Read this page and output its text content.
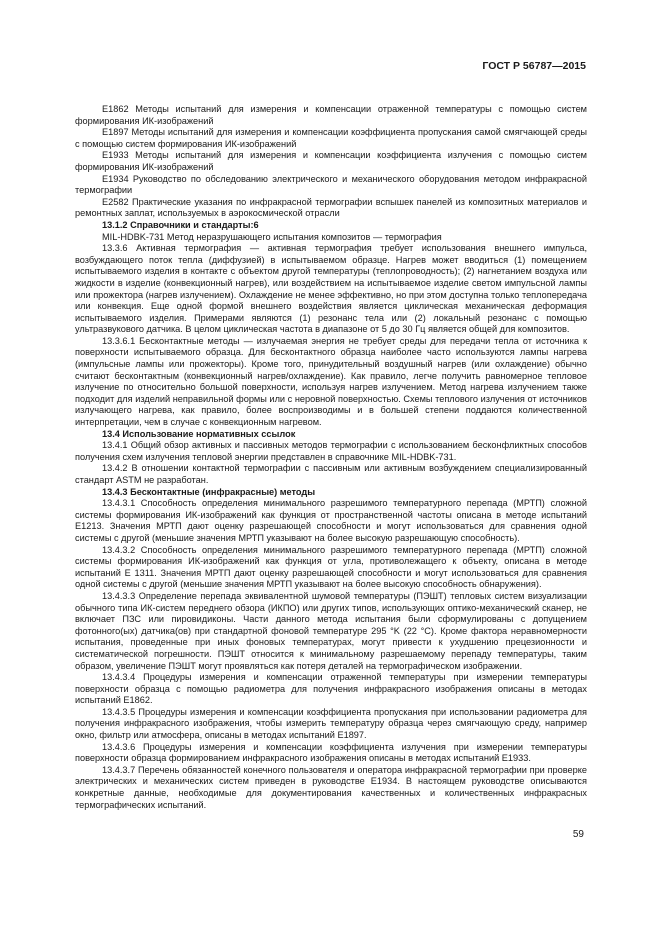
ГОСТ Р 56787—2015

E1862 Методы испытаний для измерения и компенсации отраженной температуры с помощью систем формирования ИК-изображений

E1897 Методы испытаний для измерения и компенсации коэффициента пропускания самой смягчающей среды с помощью систем формирования ИК-изображений

E1933 Методы испытаний для измерения и компенсации коэффициента излучения с помощью систем формирования ИК-изображений

E1934 Руководство по обследованию электрического и механического оборудования методом инфракрасной термографии

E2582 Практические указания по инфракрасной термографии вспышек панелей из композитных материалов и ремонтных заплат, используемых в аэрокосмической отрасли

13.1.2 Справочники и стандарты:6

MIL-HDBK-731 Метод неразрушающего испытания композитов — термография

13.3.6 Активная термография — активная термография требует использования внешнего импульса, возбуждающего поток тепла (диффузией) в испытываемом образце. Нагрев может вводиться (1) помещением испытываемого изделия в контакте с объектом другой температуры (теплопроводность); (2) нагнетанием воздуха или жидкости в изделие (конвекционный нагрев), или воздействием на испытываемое изделие светом импульсной лампы или прожектора (нагрев излучением). Охлаждение не менее эффективно, но при этом доступна только теплопередача или конвекция. Еще одной формой внешнего воздействия является циклическая механическая деформация испытываемого изделия. Примерами являются (1) резонанс тела или (2) локальный резонанс с помощью ультразвукового датчика. В целом циклическая частота в диапазоне от 5 до 30 Гц является общей для композитов.

13.3.6.1 Бесконтактные методы — излучаемая энергия не требует среды для передачи тепла от источника к поверхности испытываемого образца. Для бесконтактного образца наиболее часто используются лампы нагрева (импульсные лампы или прожекторы). Кроме того, принудительный воздушный нагрев (или охлаждение) обычно считают бесконтактным (конвекционный нагрев/охлаждение). Как правило, легче получить равномерное тепловое излучение по относительно большой поверхности, используя нагрев излучением. Метод нагрева излучением также подходит для изделий неправильной формы или с неровной поверхностью. Схемы теплового излучения от источников излучающего нагрева, как правило, более воспроизводимы и в большей степени поддаются количественной интерпретации, чем в случае с конвекционным нагревом.

13.4 Использование нормативных ссылок

13.4.1 Общий обзор активных и пассивных методов термографии с использованием бесконфликтных способов получения схем излучения тепловой энергии представлен в справочнике MIL-HDBK-731.

13.4.2 В отношении контактной термографии с пассивным или активным возбуждением специализированный стандарт ASTM не разработан.

13.4.3 Бесконтактные (инфракрасные) методы

13.4.3.1 Способность определения минимального разрешимого температурного перепада (МРТП) сложной системы формирования ИК-изображений как функция от пространственной частоты описана в методе испытаний E1213. Значения МРТП дают оценку разрешающей способности и могут использоваться для сравнения одной системы с другой (меньшие значения МРТП указывают на более высокую разрешающую способность).

13.4.3.2 Способность определения минимального разрешимого температурного перепада (МРТП) сложной системы формирования ИК-изображений как функция от угла, противолежащего к объекту, описана в методе испытаний E 1311. Значения МРТП дают оценку разрешающей способности и могут использоваться для сравнения одной системы с другой (меньшие значения МРТП указывают на более высокую способность обнаружения).

13.4.3.3 Определение перепада эквивалентной шумовой температуры (ПЭШТ) тепловых систем визуализации обычного типа ИК-систем переднего обзора (ИКПО) или других типов, использующих оптико-механический сканер, не включает ПЗС или пировидиконы. Части данного метода испытания были сформулированы с допущением фотонного(ых) датчика(ов) при стандартной фоновой температуре 295 °K (22 °C). Кроме фактора неравномерности испытания, проведенные при иных фоновых температурах, могут привести к ухудшению прецезионности и систематической погрешности. ПЭШТ относится к минимальному разрешаемому перепаду температуры, таким образом, увеличение ПЭШТ могут проявляться как потеря деталей на термографическом изображении.

13.4.3.4 Процедуры измерения и компенсации отраженной температуры при измерении температуры поверхности образца с помощью радиометра для получения инфракрасного изображения описаны в методах испытаний E1862.

13.4.3.5 Процедуры измерения и компенсации коэффициента пропускания при использовании радиометра для получения инфракрасного изображения, чтобы измерить температуру образца через смягчающую среду, например окно, фильтр или атмосфера, описаны в методах испытаний E1897.

13.4.3.6 Процедуры измерения и компенсации коэффициента излучения при измерении температуры поверхности образца формированием инфракрасного изображения описаны в методах испытаний E1933.

13.4.3.7 Перечень обязанностей конечного пользователя и оператора инфракрасной термографии при проверке электрических и механических систем приведен в руководстве E1934. В настоящем руководстве описываются конкретные данные, необходимые для документирования качественных и количественных инфракрасных термографических испытаний.

59
